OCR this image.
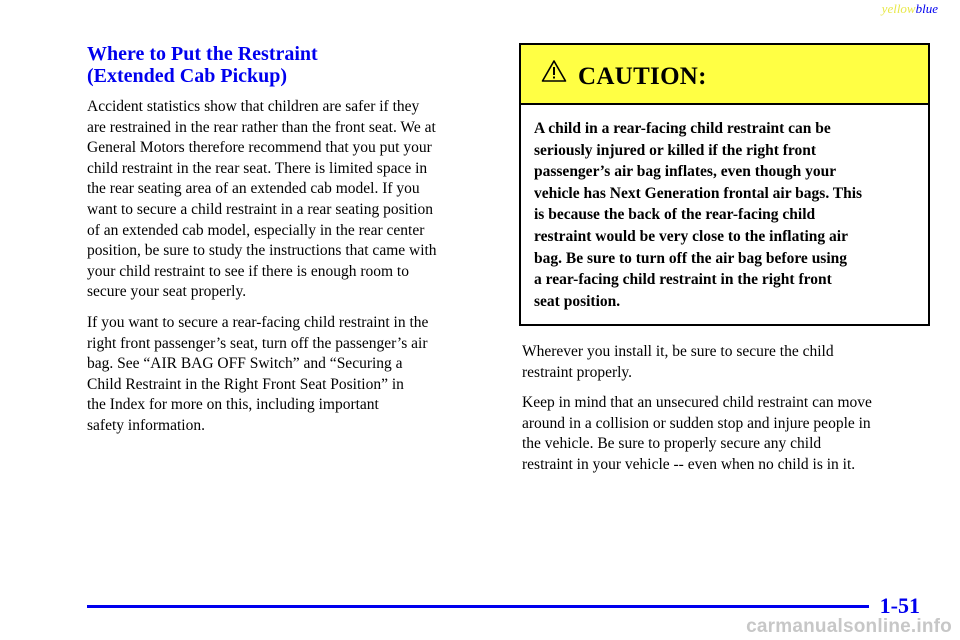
yellowblue
Where to Put the Restraint
(Extended Cab Pickup)

Accident statistics show that children are safer if they
are restrained in the rear rather than the front seat. We at
General Motors therefore recommend that you put your
child restraint in the rear seat. There is limited space in
the rear seating area of an extended cab model. If you
want to secure a child restraint in a rear seating position
of an extended cab model, especially in the rear center
position, be sure to study the instructions that came with
your child restraint to see if there is enough room to
secure your seat properly.

If you want to secure a rear-facing child restraint in the
right front passenger’s seat, turn off the passenger’s air
bag. See “AIR BAG OFF Switch” and “Securing a
Child Restraint in the Right Front Seat Position” in
the Index for more on this, including important
safety information.

CAUTION:
A child in a rear-facing child restraint can be
seriously injured or killed if the right front
passenger’s air bag inflates, even though your
vehicle has Next Generation frontal air bags. This
is because the back of the rear-facing child
restraint would be very close to the inflating air
bag. Be sure to turn off the air bag before using
a rear-facing child restraint in the right front
seat position.

Wherever you install it, be sure to secure the child
restraint properly.

Keep in mind that an unsecured child restraint can move
around in a collision or sudden stop and injure people in
the vehicle. Be sure to properly secure any child
restraint in your vehicle -- even when no child is in it.

1-51
carmanualsonline.info
